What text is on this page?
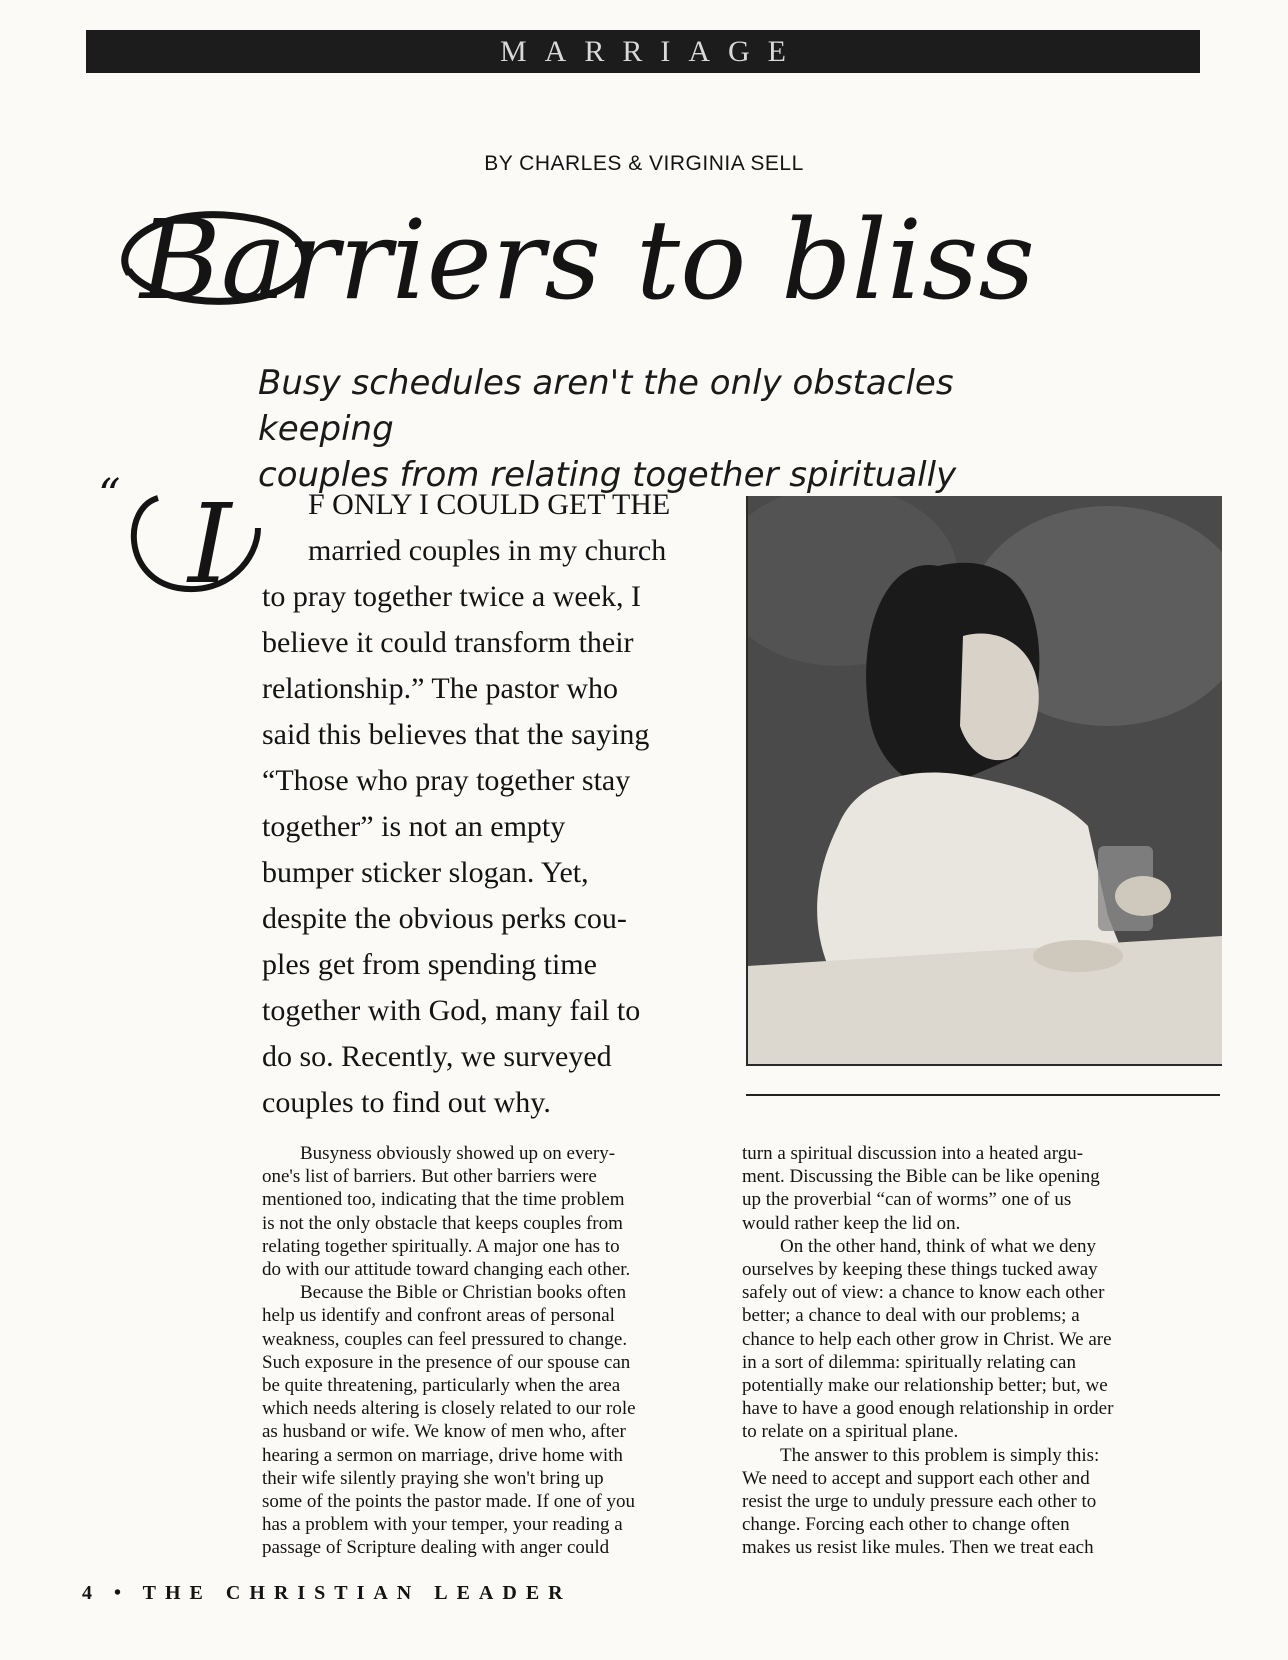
MARRIAGE
BY CHARLES & VIRGINIA SELL
Barriers to bliss
Busy schedules aren't the only obstacles keeping
couples from relating together spiritually
“ I	F ONLY I COULD GET THE
married couples in my church
to pray together twice a week, I
believe it could transform their
relationship.” The pastor who
said this believes that the saying
“Those who pray together stay
together” is not an empty
bumper sticker slogan. Yet,
despite the obvious perks cou-
ples get from spending time
together with God, many fail to
do so. Recently, we surveyed
couples to find out why.
Busyness obviously showed up on every-
one's list of barriers. But other barriers were
mentioned too, indicating that the time problem
is not the only obstacle that keeps couples from
relating together spiritually. A major one has to
do with our attitude toward changing each other.
Because the Bible or Christian books often
help us identify and confront areas of personal
weakness, couples can feel pressured to change.
Such exposure in the presence of our spouse can
be quite threatening, particularly when the area
which needs altering is closely related to our role
as husband or wife. We know of men who, after
hearing a sermon on marriage, drive home with
their wife silently praying she won't bring up
some of the points the pastor made. If one of you
has a problem with your temper, your reading a
passage of Scripture dealing with anger could
turn a spiritual discussion into a heated argu-
ment. Discussing the Bible can be like opening
up the proverbial “can of worms” one of us
would rather keep the lid on.
On the other hand, think of what we deny
ourselves by keeping these things tucked away
safely out of view: a chance to know each other
better; a chance to deal with our problems; a
chance to help each other grow in Christ. We are
in a sort of dilemma: spiritually relating can
potentially make our relationship better; but, we
have to have a good enough relationship in order
to relate on a spiritual plane.
The answer to this problem is simply this:
We need to accept and support each other and
resist the urge to unduly pressure each other to
change. Forcing each other to change often
makes us resist like mules. Then we treat each
4 • THE CHRISTIAN LEADER
